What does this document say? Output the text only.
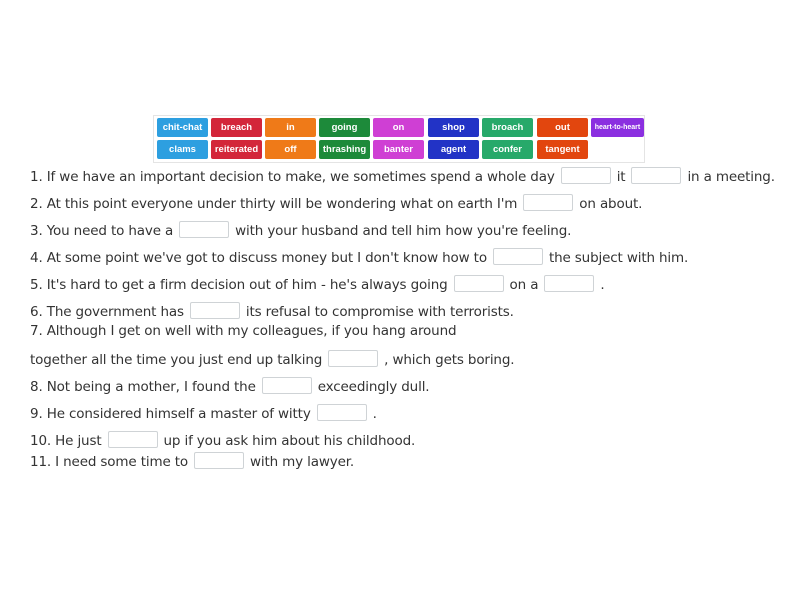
chit-chat	breach	in	going	on	shop	broach	out	heart-to-heart
clams	reiterated	off	thrashing	banter	agent	confer	tangent
1. If we have an important decision to make, we sometimes spend a whole day	it	in a meeting.
2. At this point everyone under thirty will be wondering what on earth I'm	on about.
3. You need to have a	with your husband and tell him how you're feeling.
4. At some point we've got to discuss money but I don't know how to	the subject with him.
5. It's hard to get a firm decision out of him - he's always going	on a	.
6. The government has	its refusal to compromise with terrorists.
7. Although I get on well with my colleagues, if you hang around
together all the time you just end up talking	, which gets boring.
8. Not being a mother, I found the	exceedingly dull.
9. He considered himself a master of witty	.
10. He just	up if you ask him about his childhood.
11. I need some time to	with my lawyer.
